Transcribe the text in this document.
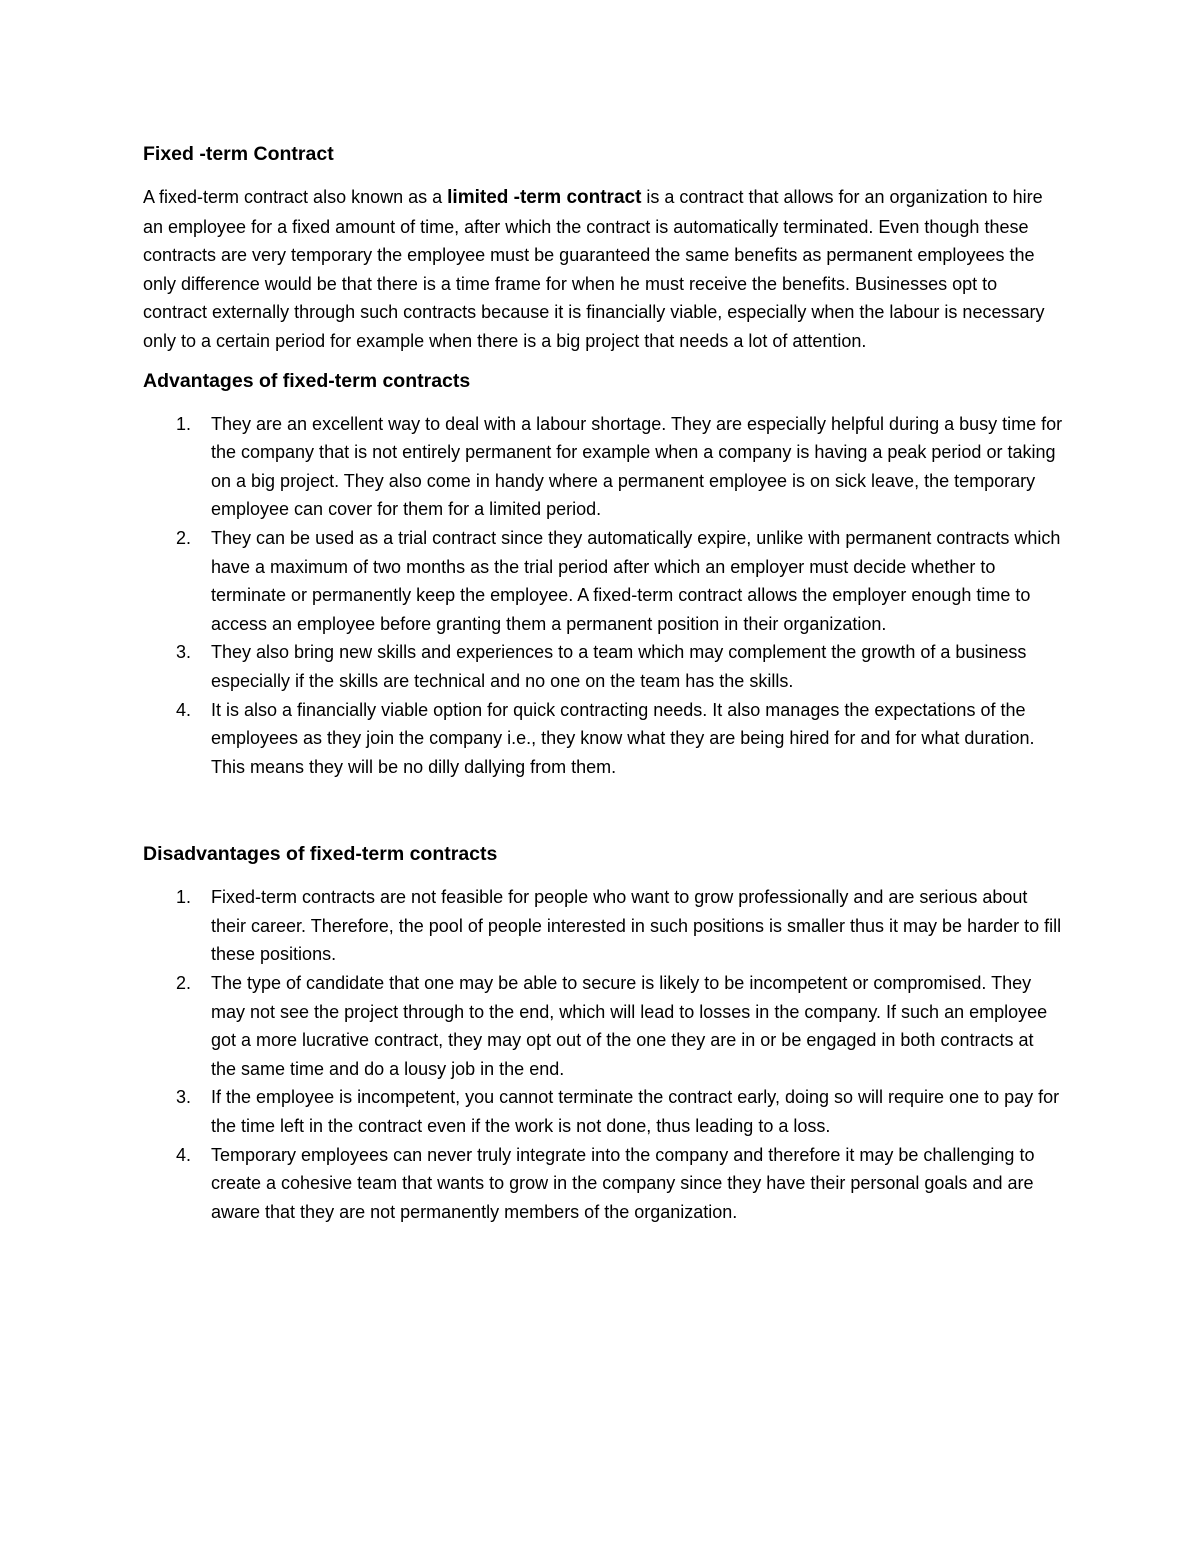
Fixed -term Contract

A fixed-term contract also known as a limited -term contract is a contract that allows for an organization to hire an employee for a fixed amount of time, after which the contract is automatically terminated. Even though these contracts are very temporary the employee must be guaranteed the same benefits as permanent employees the only difference would be that there is a time frame for when he must receive the benefits. Businesses opt to contract externally through such contracts because it is financially viable, especially when the labour is necessary only to a certain period for example when there is a big project that needs a lot of attention.

Advantages of fixed-term contracts
1. They are an excellent way to deal with a labour shortage. They are especially helpful during a busy time for the company that is not entirely permanent for example when a company is having a peak period or taking on a big project. They also come in handy where a permanent employee is on sick leave, the temporary employee can cover for them for a limited period.
2. They can be used as a trial contract since they automatically expire, unlike with permanent contracts which have a maximum of two months as the trial period after which an employer must decide whether to terminate or permanently keep the employee. A fixed-term contract allows the employer enough time to access an employee before granting them a permanent position in their organization.
3. They also bring new skills and experiences to a team which may complement the growth of a business especially if the skills are technical and no one on the team has the skills.
4. It is also a financially viable option for quick contracting needs. It also manages the expectations of the employees as they join the company i.e., they know what they are being hired for and for what duration. This means they will be no dilly dallying from them.
Disadvantages of fixed-term contracts
1. Fixed-term contracts are not feasible for people who want to grow professionally and are serious about their career. Therefore, the pool of people interested in such positions is smaller thus it may be harder to fill these positions.
2. The type of candidate that one may be able to secure is likely to be incompetent or compromised. They may not see the project through to the end, which will lead to losses in the company. If such an employee got a more lucrative contract, they may opt out of the one they are in or be engaged in both contracts at the same time and do a lousy job in the end.
3. If the employee is incompetent, you cannot terminate the contract early, doing so will require one to pay for the time left in the contract even if the work is not done, thus leading to a loss.
4. Temporary employees can never truly integrate into the company and therefore it may be challenging to create a cohesive team that wants to grow in the company since they have their personal goals and are aware that they are not permanently members of the organization.
